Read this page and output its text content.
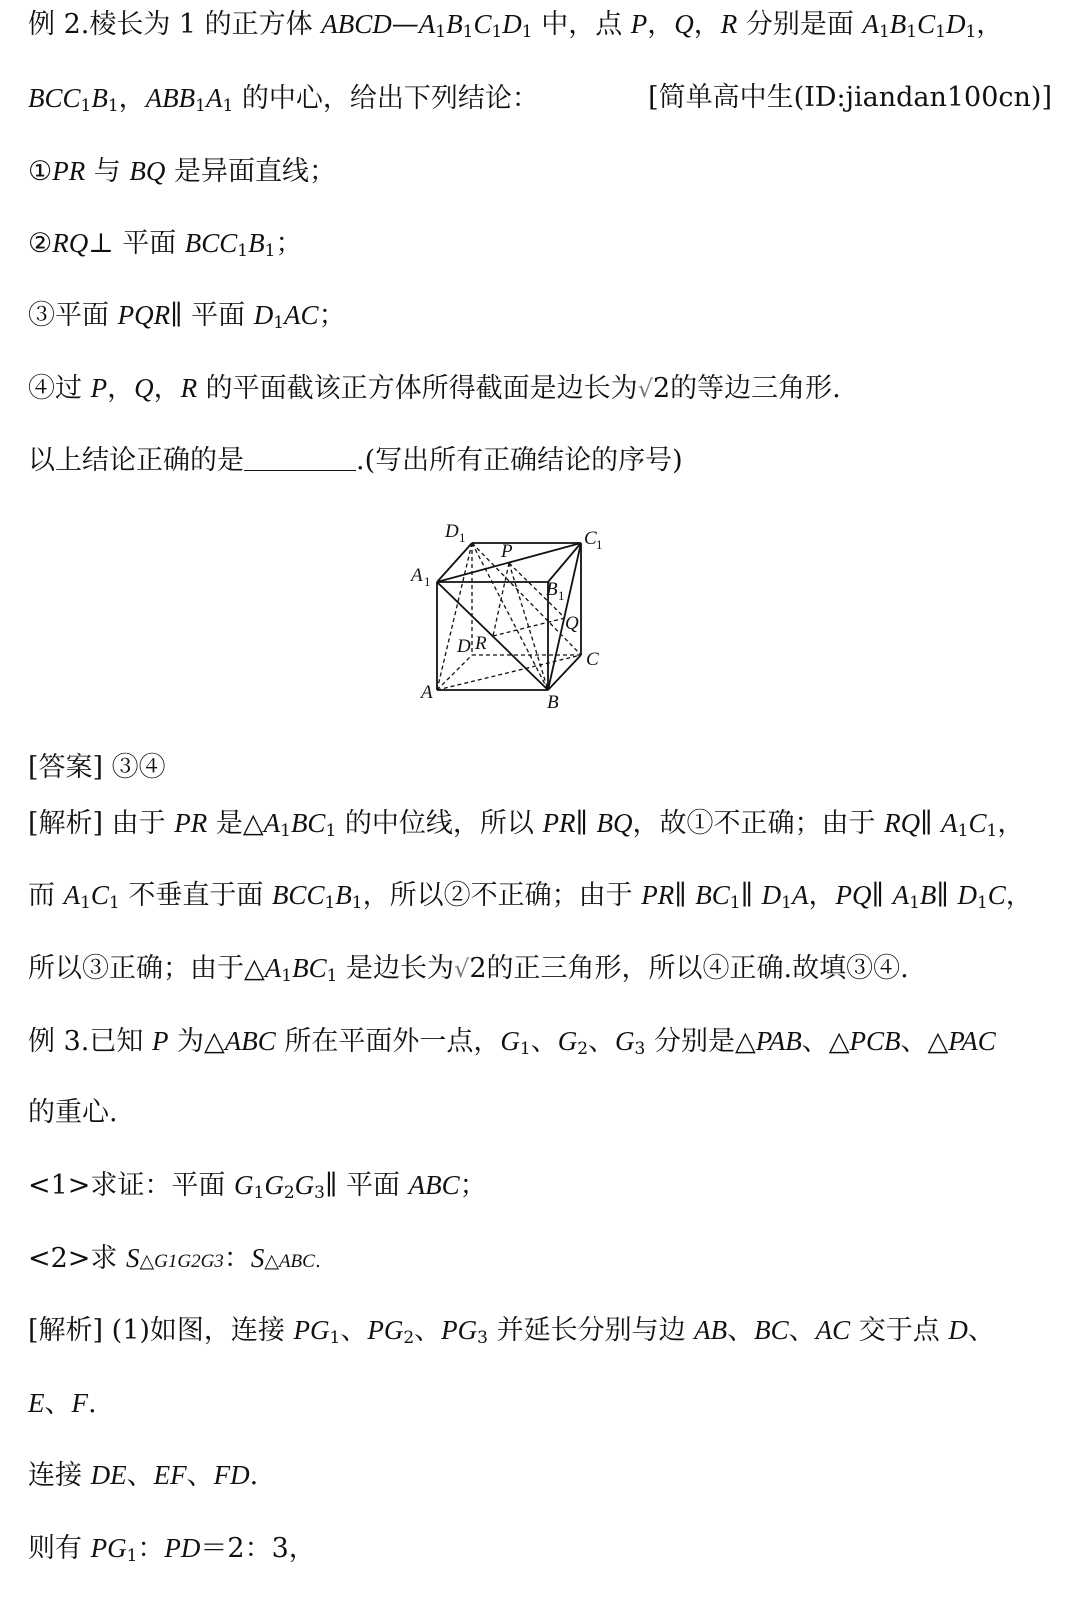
例 2.棱长为 1 的正方体 $ABCD—A_1B_1C_1D_1$ 中，点 P，Q，R 分别是面 $A_1B_1C_1D_1$，
$BCC_1B_1$，$ABB_1A_1$ 的中心，给出下列结论：	[简单高中生(ID:jiandan100cn)]
①PR 与 BQ 是异面直线；
②RQ⊥ 平面 $BCC_1B_1$；
③平面 PQR∥ 平面 $D_1AC$；
④过 P，Q，R 的平面截该正方体所得截面是边长为√2的等边三角形.
以上结论正确的是	.(写出所有正确结论的序号)
D 1
P
C 1
A 1	B 1
Q
D R
C
A	B
[答案] ③④
[解析] 由于 PR 是$\triangle A_1BC_1$ 的中位线，所以 PR∥ BQ，故①不正确；由于 RQ∥ $A_1C_1$，
而 $A_1C_1$ 不垂直于面 $BCC_1B_1$，所以②不正确；由于 PR∥ $BC_1\parallel$ $D_1A$，PQ∥ $A_1B\parallel$ $D_1C$，
所以③正确；由于$\triangle A_1BC_1$ 是边长为√2的正三角形，所以④正确.故填③④.
例 3.已知 P 为△ABC 所在平面外一点，$G_1$、$G_2$、$G_3$ 分别是△PAB、△PCB、△PAC
的重心.
<1>求证：平面 $G_1G_2G_3\parallel$ 平面 ABC；
<2>求 S△G1G2G3：S△ABC.
[解析] (1)如图，连接 $PG_1$、$PG_2$、$PG_3$ 并延长分别与边 AB、BC、AC 交于点 D、
E、F.
连接 DE、EF、FD.
则有 $PG_1$：PD＝2：3，
